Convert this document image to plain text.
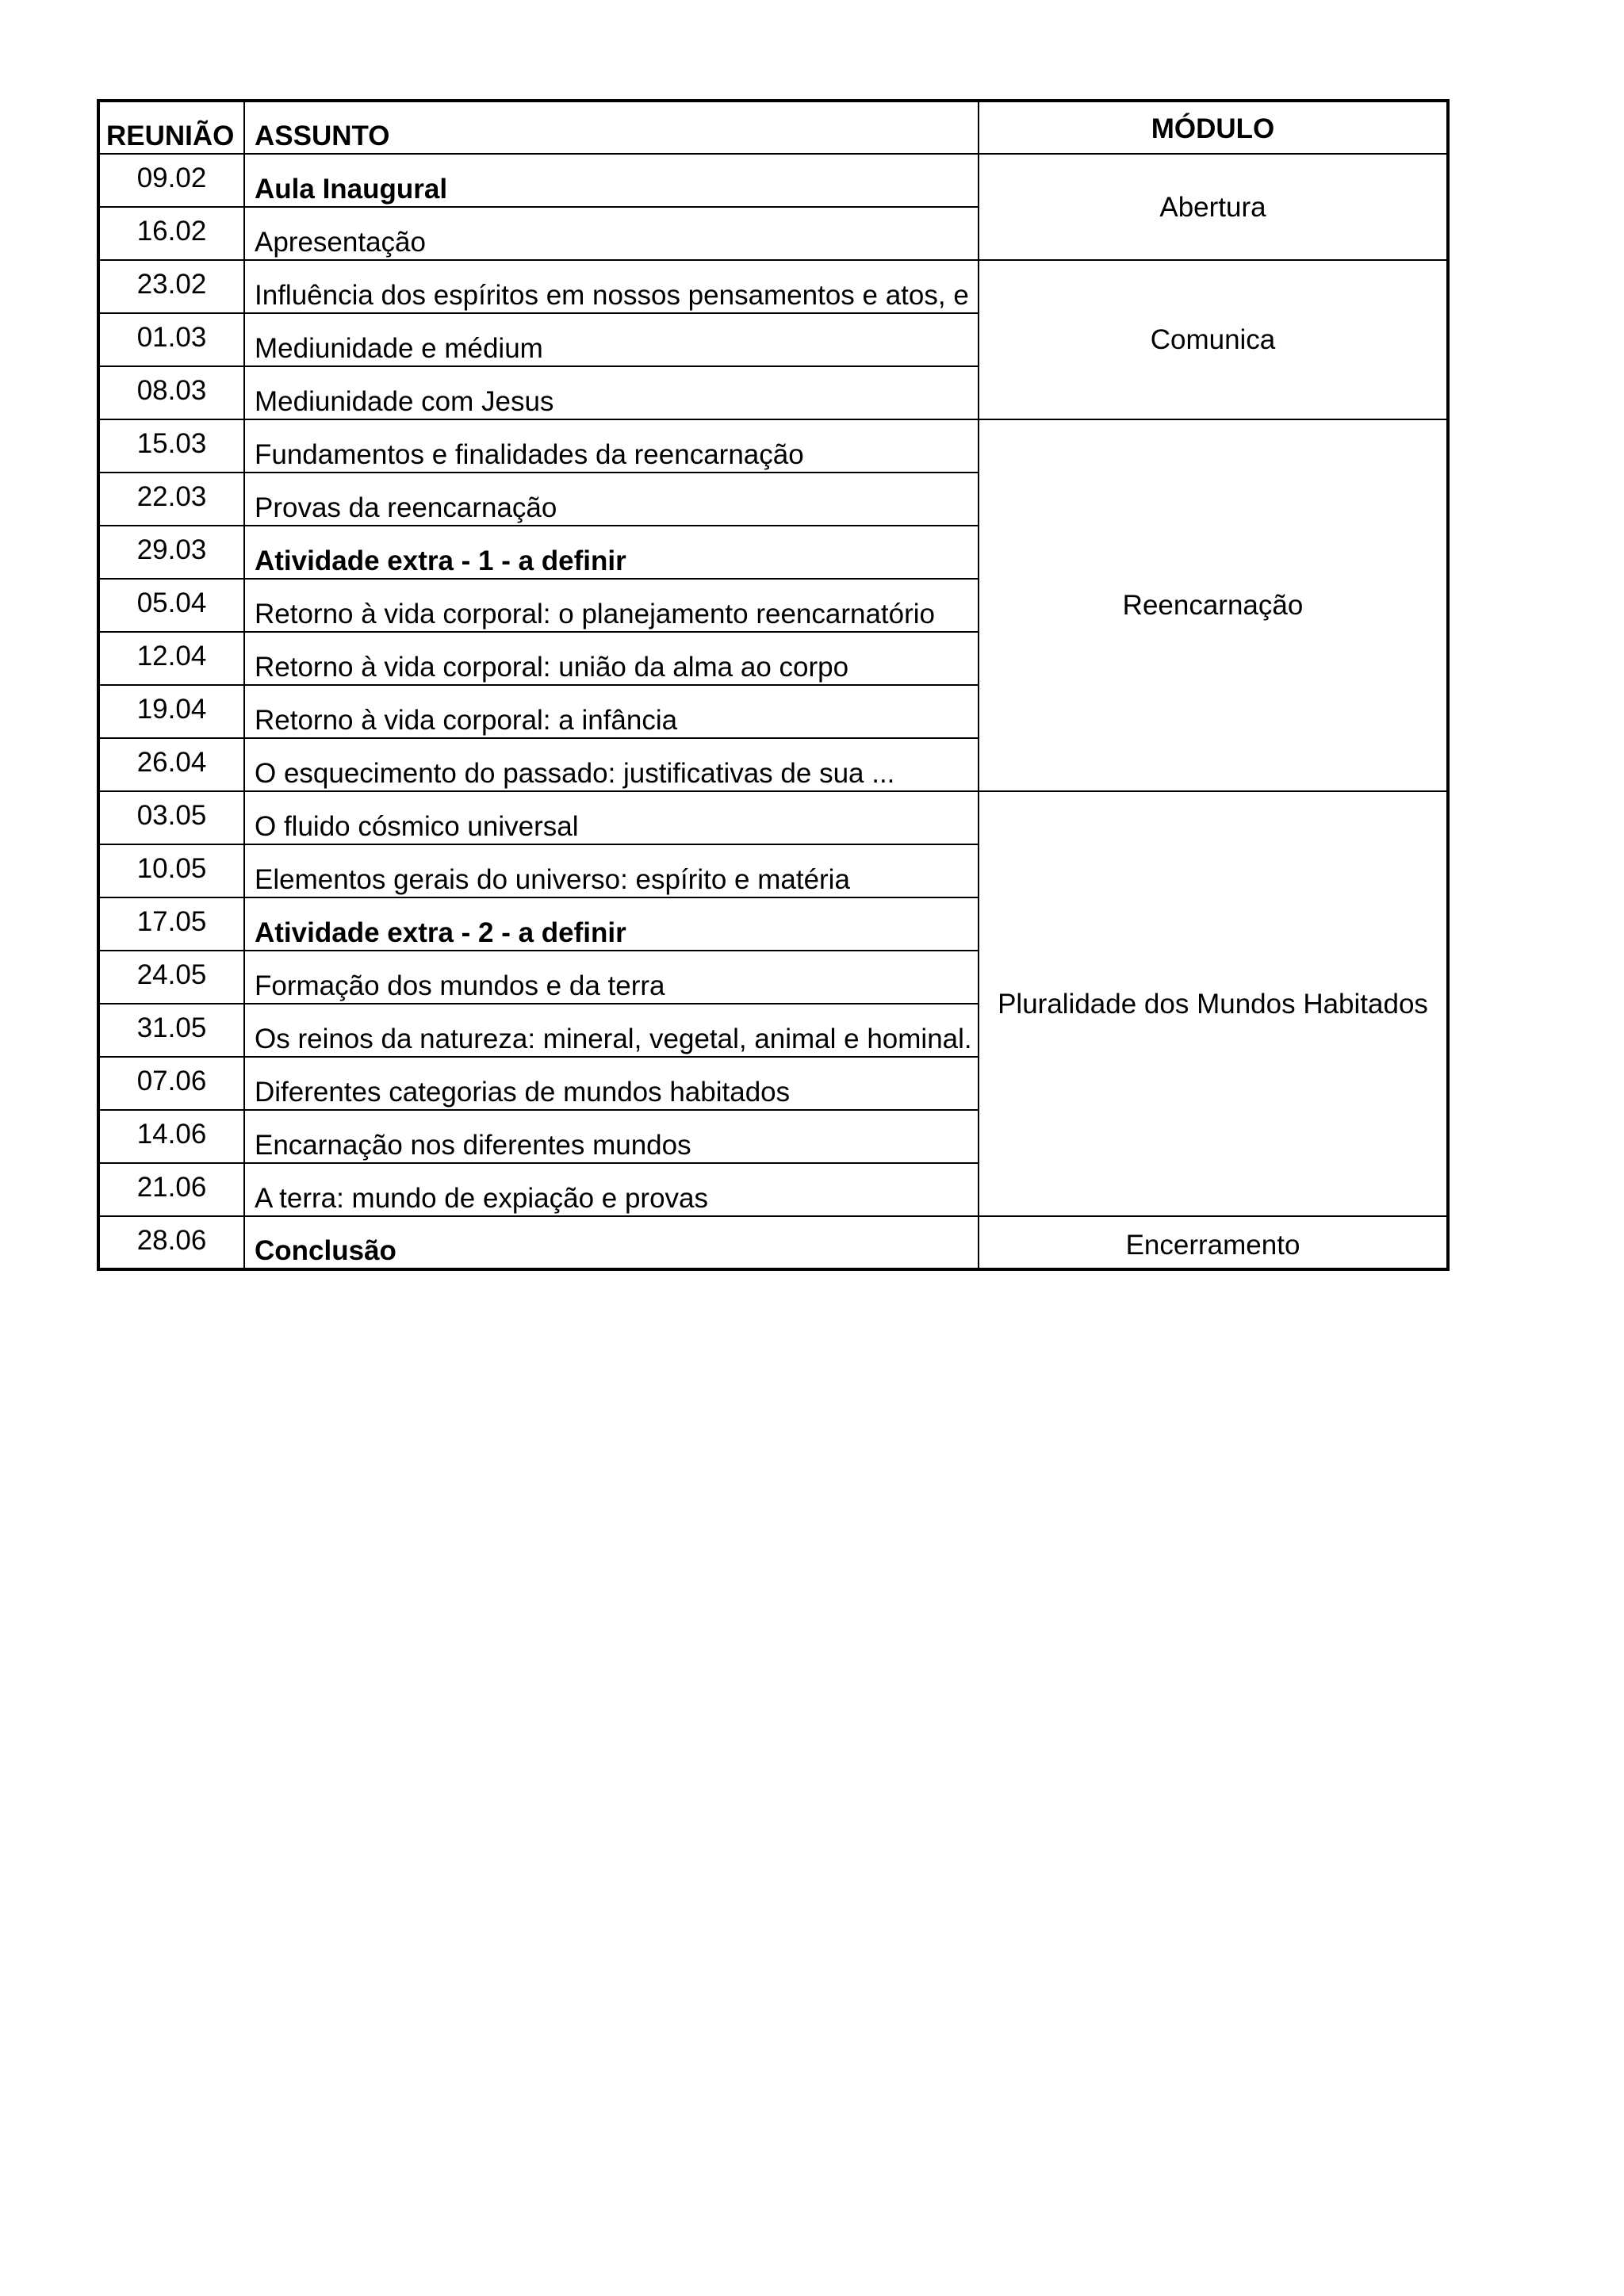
REUNIÃO	ASSUNTO	MÓDULO
09.02	Aula Inaugural	Abertura
16.02	Apresentação	
23.02	Influência dos espíritos em nossos pensamentos e atos, e	Comunica
01.03	Mediunidade e médium	
08.03	Mediunidade com Jesus	
15.03	Fundamentos e finalidades da reencarnação	Reencarnação
22.03	Provas da reencarnação	
29.03	Atividade extra - 1 - a definir	
05.04	Retorno à vida corporal: o planejamento reencarnatório	
12.04	Retorno à vida corporal: união da alma ao corpo	
19.04	Retorno à vida corporal: a infância	
26.04	O esquecimento do passado: justificativas de sua ...	
03.05	O fluido cósmico universal	Pluralidade dos Mundos Habitados
10.05	Elementos gerais do universo: espírito e matéria	
17.05	Atividade extra - 2 - a definir	
24.05	Formação dos mundos e da terra	
31.05	Os reinos da natureza: mineral, vegetal, animal e hominal.	
07.06	Diferentes categorias de mundos habitados	
14.06	Encarnação nos diferentes mundos	
21.06	A terra: mundo de expiação e provas	
28.06	Conclusão	Encerramento
